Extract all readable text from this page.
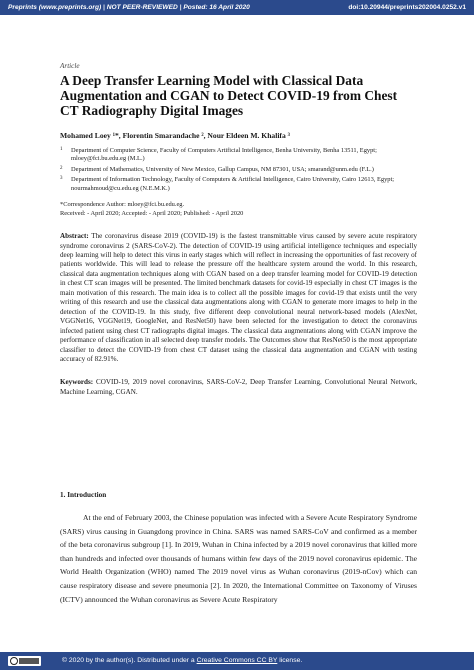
Preprints (www.preprints.org) | NOT PEER-REVIEWED | Posted: 16 April 2020	doi:10.20944/preprints202004.0252.v1

Article

A Deep Transfer Learning Model with Classical Data Augmentation and CGAN to Detect COVID-19 from Chest CT Radiography Digital Images

Mohamed Loey ¹*, Florentin Smarandache ², Nour Eldeen M. Khalifa ³

1	Department of Computer Science, Faculty of Computers Artificial Intelligence, Benha University, Benha 13511, Egypt; mloey@fci.bu.edu.eg (M.L.)
2	Department of Mathematics, University of New Mexico, Gallup Campus, NM 87301, USA; smarand@unm.edu (F.L.)
3	Department of Information Technology, Faculty of Computers & Artificial Intelligence, Cairo University, Cairo 12613, Egypt; nourmahmoud@cu.edu.eg (N.E.M.K.)

*Correspondence Author: mloey@fci.bu.edu.eg.

Received: - April 2020; Accepted: - April 2020; Published: - April 2020

Abstract: The coronavirus disease 2019 (COVID-19) is the fastest transmittable virus caused by severe acute respiratory syndrome coronavirus 2 (SARS-CoV-2). The detection of COVID-19 using artificial intelligence techniques and especially deep learning will help to detect this virus in early stages which will reflect in increasing the opportunities of fast recovery of patients worldwide. This will lead to release the pressure off the healthcare system around the world. In this research, classical data augmentation techniques along with CGAN based on a deep transfer learning model for COVID-19 detection in chest CT scan images will be presented. The limited benchmark datasets for covid-19 especially in chest CT images is the main motivation of this research. The main idea is to collect all the possible images for covid-19 that exists until the very writing of this research and use the classical data augmentations along with CGAN to generate more images to help in the detection of the COVID-19. In this study, five different deep convolutional neural network-based models (AlexNet, VGGNet16, VGGNet19, GoogleNet, and ResNet50) have been selected for the investigation to detect the coronavirus infected patient using chest CT radiographs digital images. The classical data augmentations along with CGAN improve the performance of classification in all selected deep transfer models. The Outcomes show that ResNet50 is the most appropriate classifier to detect the COVID-19 from chest CT dataset using the classical data augmentation and CGAN with testing accuracy of 82.91%.

Keywords: COVID-19, 2019 novel coronavirus, SARS-CoV-2, Deep Transfer Learning, Convolutional Neural Network, Machine Learning, CGAN.

1. Introduction

At the end of February 2003, the Chinese population was infected with a Severe Acute Respiratory Syndrome (SARS) virus causing in Guangdong province in China. SARS was named SARS-CoV and confirmed as a member of the beta coronavirus subgroup [1]. In 2019, Wuhan in China infected by a 2019 novel coronavirus that killed more than hundreds and infected over thousands of humans within few days of the 2019 novel coronavirus epidemic. The World Health Organization (WHO) named The 2019 novel virus as Wuhan coronavirus (2019-nCov) which can cause respiratory disease and severe pneumonia [2]. In 2020, the International Committee on Taxonomy of Viruses (ICTV) announced the Wuhan coronavirus as Severe Acute Respiratory

© 2020 by the author(s). Distributed under a Creative Commons CC BY license.
